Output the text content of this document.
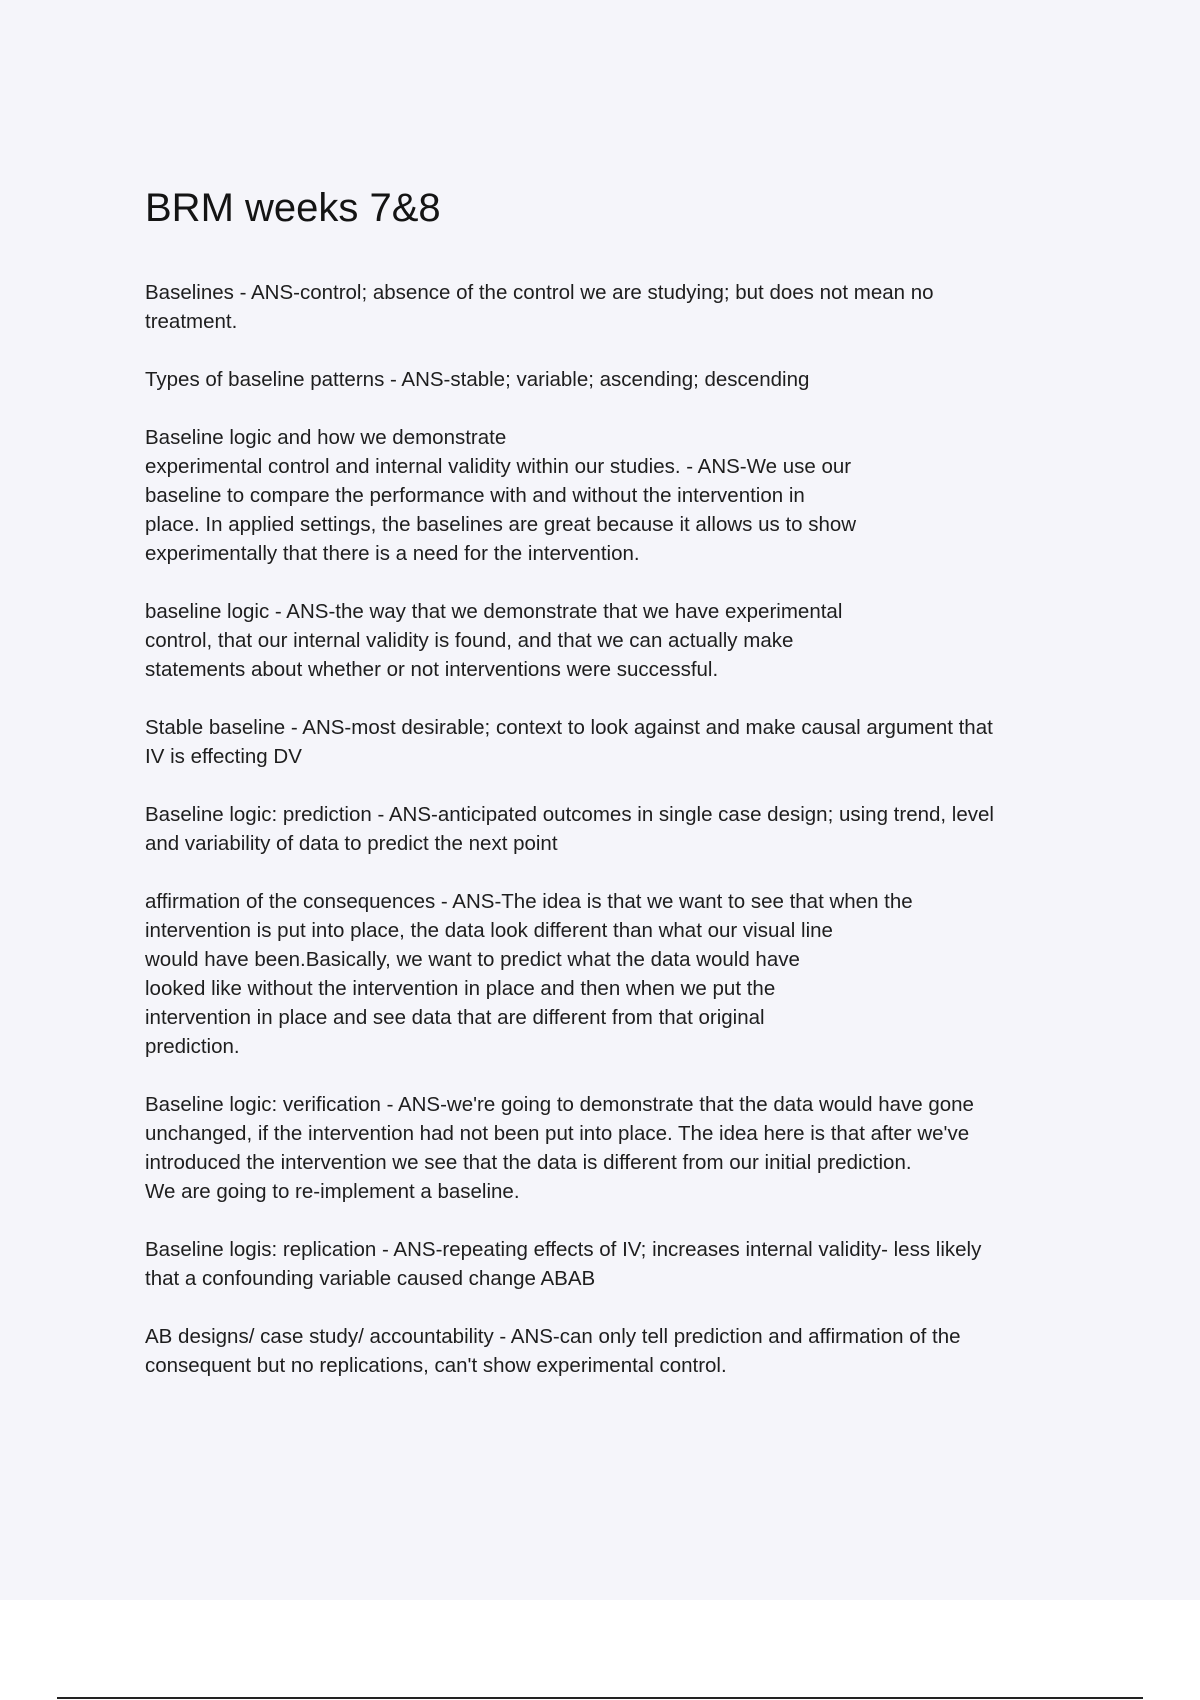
BRM weeks 7&8

Baselines - ANS-control; absence of the control we are studying; but does not mean no
treatment.

Types of baseline patterns - ANS-stable; variable; ascending; descending

Baseline logic and how we demonstrate
experimental control and internal validity within our studies. - ANS-We use our
baseline to compare the performance with and without the intervention in
place. In applied settings, the baselines are great because it allows us to show
experimentally that there is a need for the intervention.

baseline logic - ANS-the way that we demonstrate that we have experimental
control, that our internal validity is found, and that we can actually make
statements about whether or not interventions were successful.

Stable baseline - ANS-most desirable; context to look against and make causal argument that
IV is effecting DV

Baseline logic: prediction - ANS-anticipated outcomes in single case design; using trend, level
and variability of data to predict the next point

affirmation of the consequences - ANS-The idea is that we want to see that when the
intervention is put into place, the data look different than what our visual line
would have been.Basically, we want to predict what the data would have
looked like without the intervention in place and then when we put the
intervention in place and see data that are different from that original
prediction.

Baseline logic: verification - ANS-we're going to demonstrate that the data would have gone
unchanged, if the intervention had not been put into place. The idea here is that after we've
introduced the intervention we see that the data is different from our initial prediction.
We are going to re-implement a baseline.

Baseline logis: replication - ANS-repeating effects of IV; increases internal validity- less likely
that a confounding variable caused change ABAB

AB designs/ case study/ accountability - ANS-can only tell prediction and affirmation of the
consequent but no replications, can't show experimental control.
